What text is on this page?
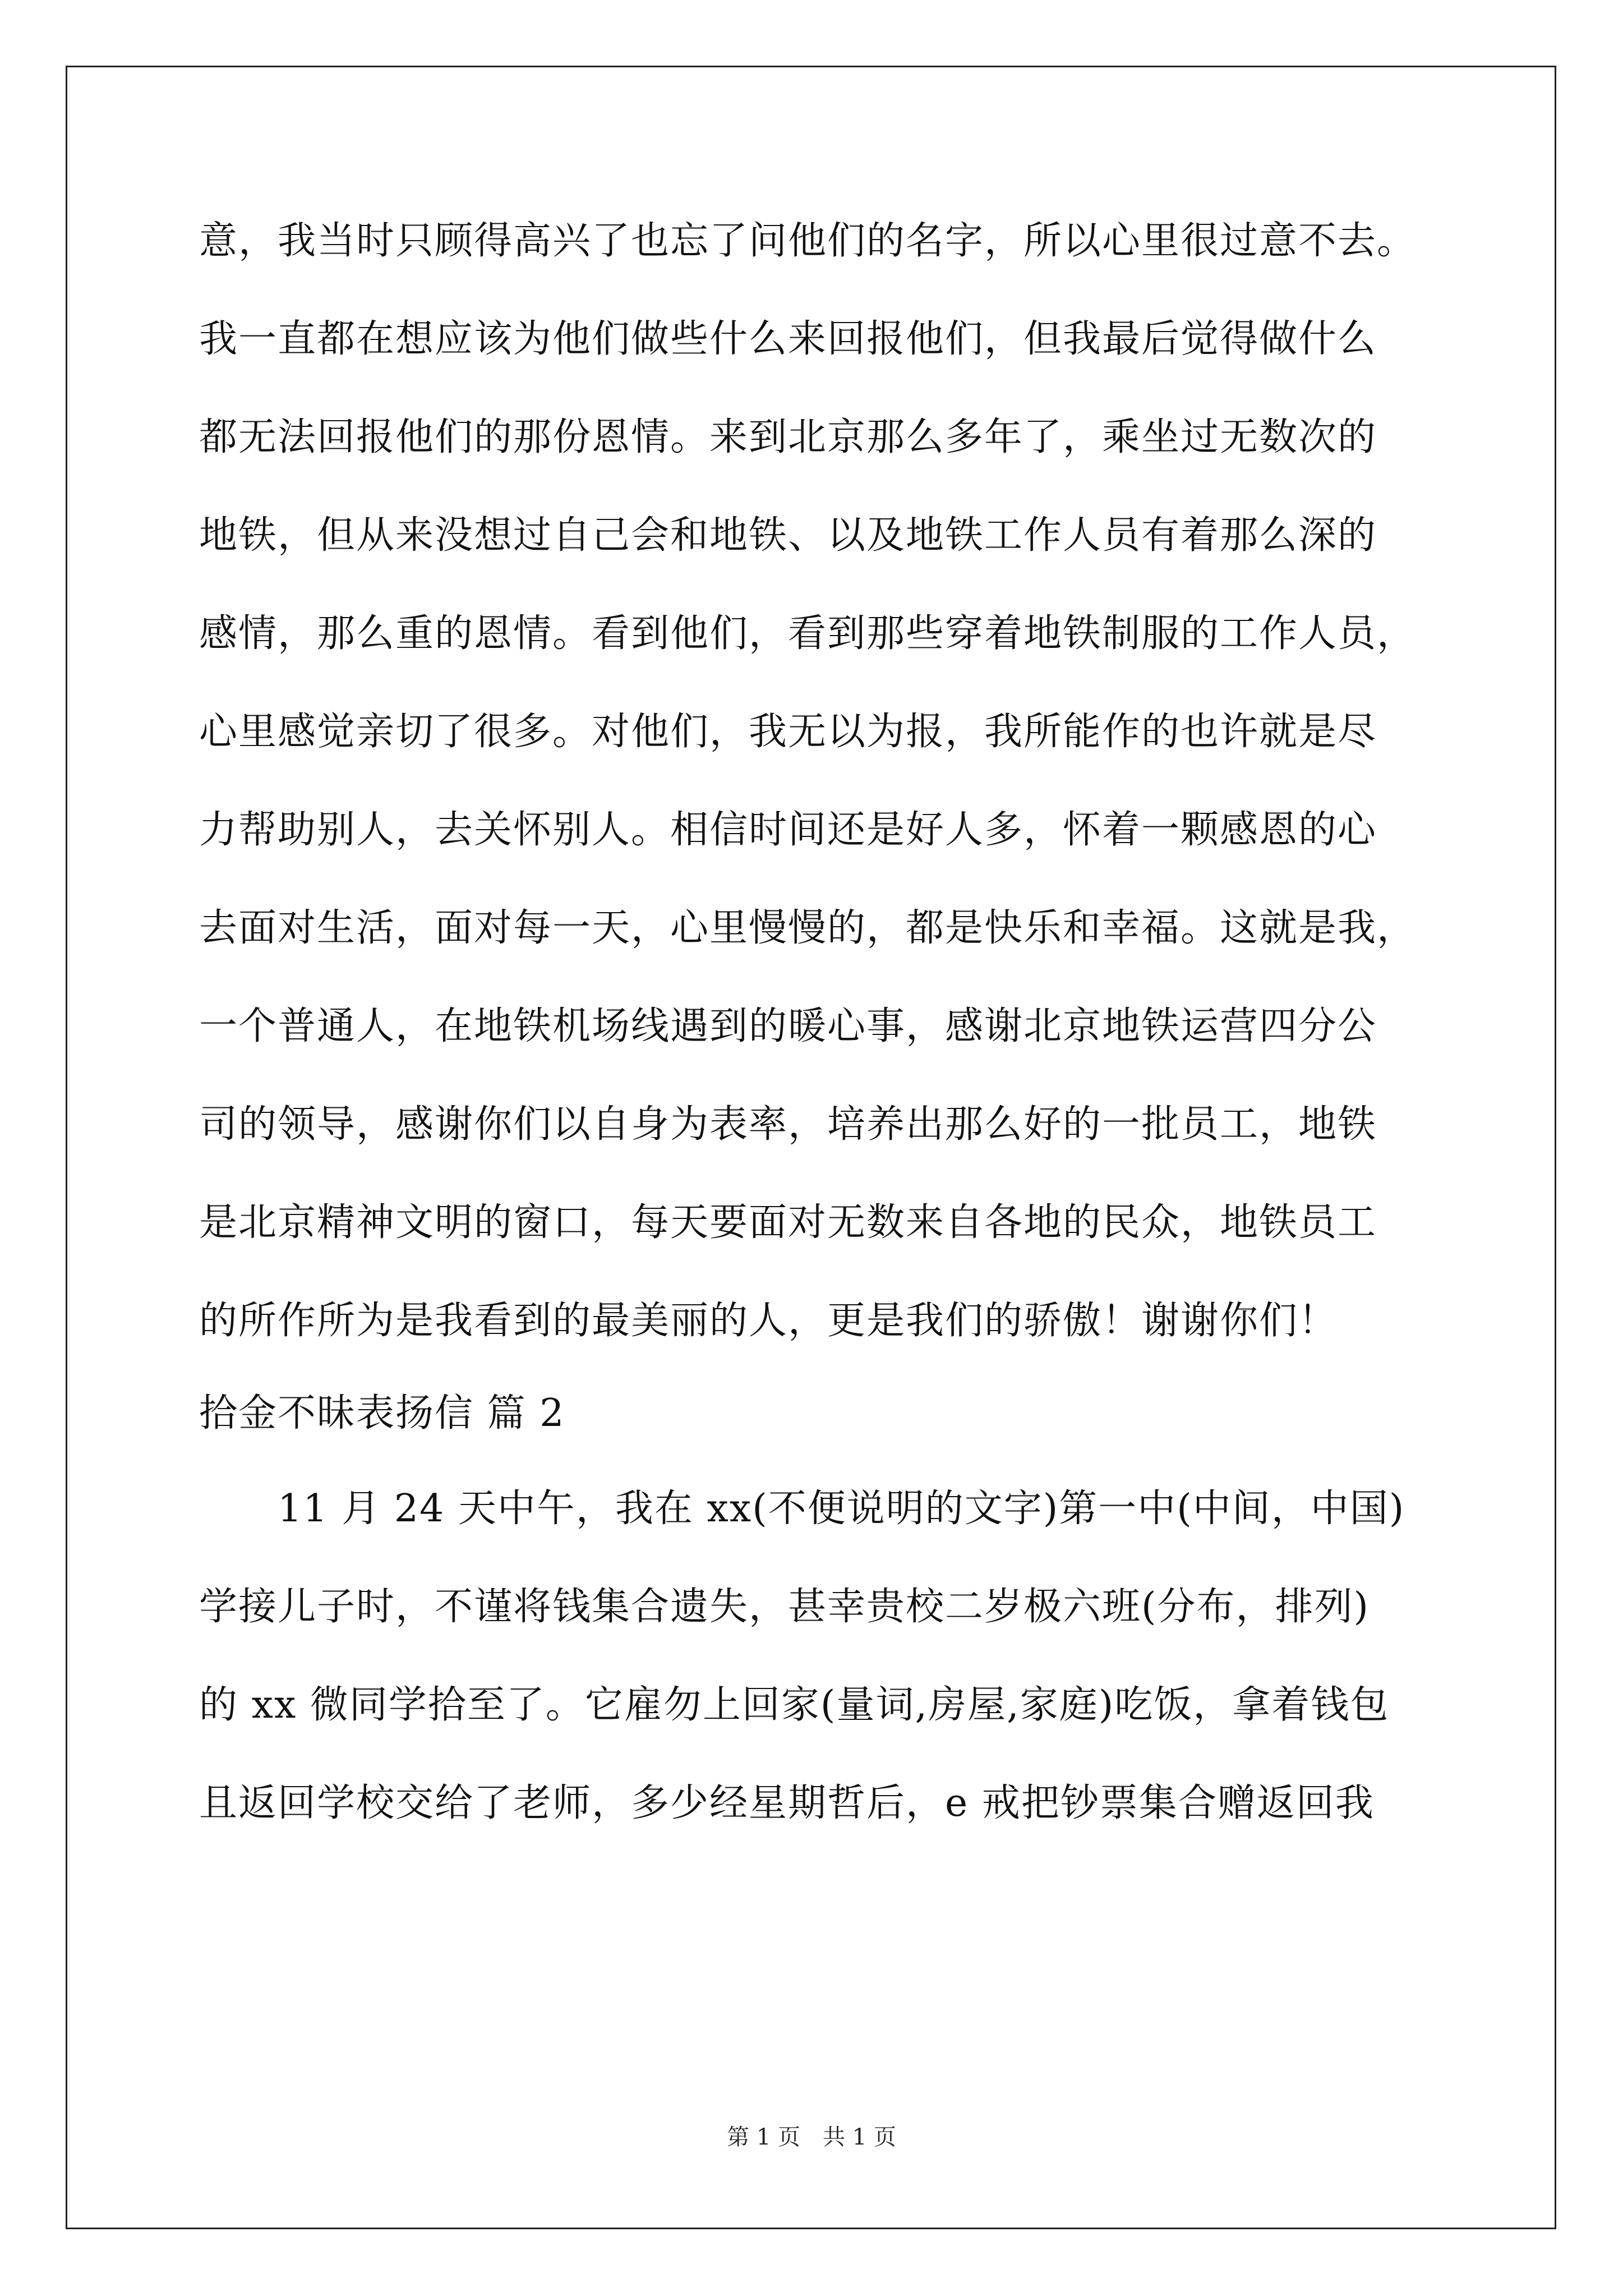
意，我当时只顾得高兴了也忘了问他们的名字，所以心里很过意不去。
我一直都在想应该为他们做些什么来回报他们，但我最后觉得做什么
都无法回报他们的那份恩情。来到北京那么多年了，乘坐过无数次的
地铁，但从来没想过自己会和地铁、以及地铁工作人员有着那么深的
感情，那么重的恩情。看到他们，看到那些穿着地铁制服的工作人员，
心里感觉亲切了很多。对他们，我无以为报，我所能作的也许就是尽
力帮助别人，去关怀别人。相信时间还是好人多，怀着一颗感恩的心
去面对生活，面对每一天，心里慢慢的，都是快乐和幸福。这就是我，
一个普通人，在地铁机场线遇到的暖心事，感谢北京地铁运营四分公
司的领导，感谢你们以自身为表率，培养出那么好的一批员工，地铁
是北京精神文明的窗口，每天要面对无数来自各地的民众，地铁员工
的所作所为是我看到的最美丽的人，更是我们的骄傲！谢谢你们！
拾金不昧表扬信 篇 2
　　11 月 24 天中午，我在 xx(不便说明的文字)第一中(中间，中国)
学接儿子时，不谨将钱集合遗失，甚幸贵校二岁极六班(分布，排列)
的 xx 微同学拾至了。它雇勿上回家(量词,房屋,家庭)吃饭，拿着钱包
且返回学校交给了老师，多少经星期哲后，e 戒把钞票集合赠返回我
第 1 页　共 1 页
